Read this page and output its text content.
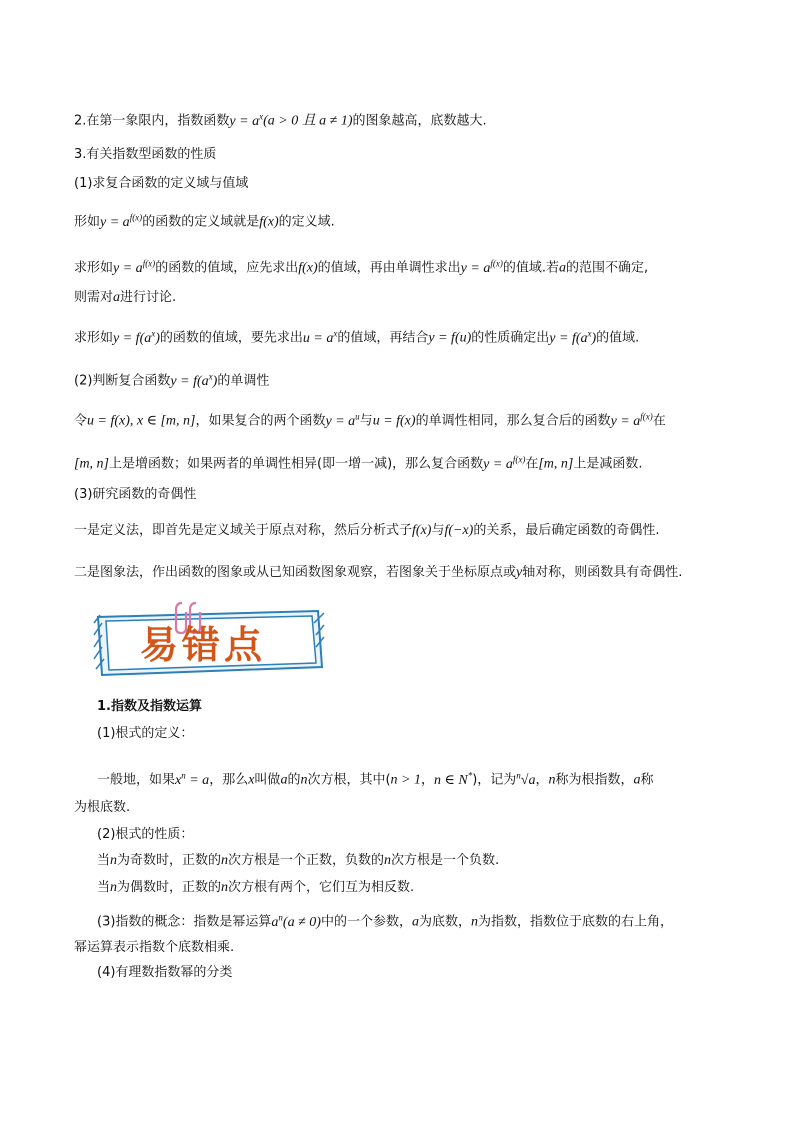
2.在第一象限内，指数函数$y = a^x(a > 0$ 且 a ≠ 1)的图象越高，底数越大.
3.有关指数型函数的性质
(1)求复合函数的定义域与值域
形如$y = a^{f(x)}$的函数的定义域就是f(x)的定义域.
求形如$y = a^{f(x)}$的函数的值域，应先求出f(x)的值域，再由单调性求出$y = a^{f(x)}$的值域.若a的范围不确定,
则需对a进行讨论.
求形如$y = f(a^x)$的函数的值域，要先求出$u = a^x$的值域，再结合y = f(u)的性质确定出$y = f(a^x)$的值域.
(2)判断复合函数$y = f(a^x)$的单调性
令u = f(x), x ∈ [m, n]，如果复合的两个函数$y = a^u$与u = f(x)的单调性相同，那么复合后的函数$y = a^{f(x)}$在
[m, n]上是增函数；如果两者的单调性相异(即一增一减)，那么复合函数$y = a^{f(x)}$在[m, n]上是减函数.
(3)研究函数的奇偶性
一是定义法，即首先是定义域关于原点对称，然后分析式子f(x)与f(−x)的关系，最后确定函数的奇偶性.
二是图象法，作出函数的图象或从已知函数图象观察，若图象关于坐标原点或y轴对称，则函数具有奇偶性.
易错点
1.指数及指数运算
(1)根式的定义：
一般地，如果$x^n = a$，那么x叫做a的n次方根，其中(n > 1，n ∈ N*)，记为$^n$√a，n称为根指数，a称
为根底数.
(2)根式的性质：
当n为奇数时，正数的n次方根是一个正数，负数的n次方根是一个负数.
当n为偶数时，正数的n次方根有两个，它们互为相反数.
(3)指数的概念：指数是幂运算$a^n(a \ne 0)$中的一个参数，a为底数，n为指数，指数位于底数的右上角，
幂运算表示指数个底数相乘.
(4)有理数指数幂的分类
